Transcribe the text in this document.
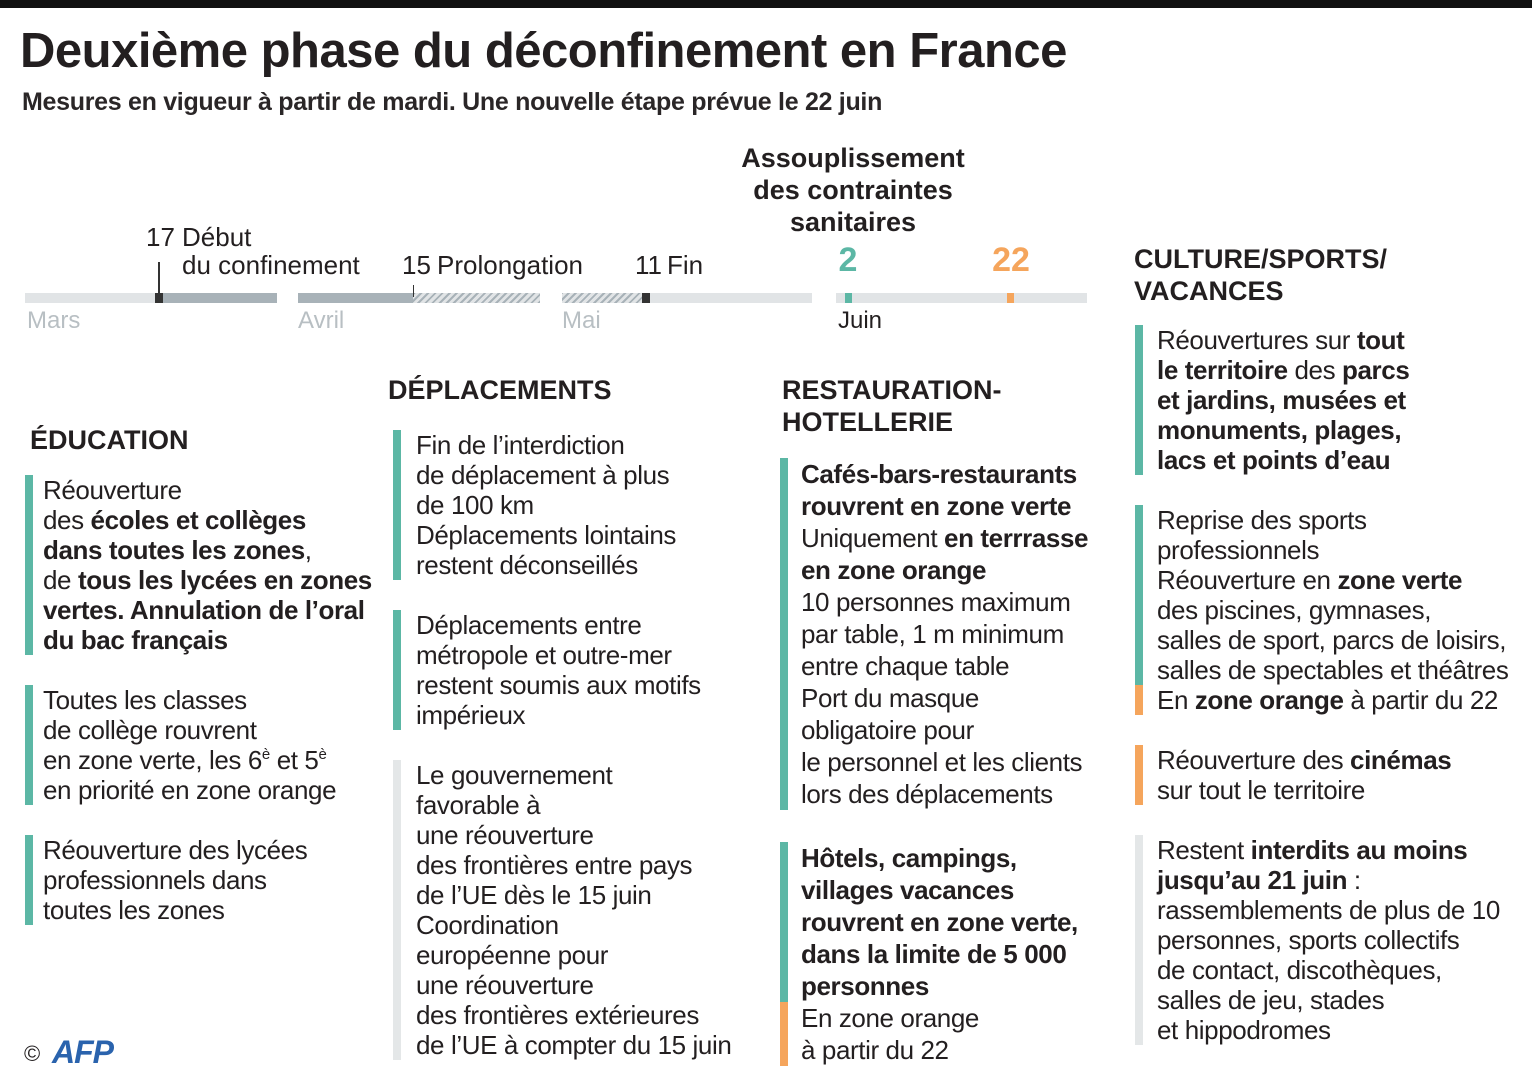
Deuxième phase du déconfinement en France
Mesures en vigueur à partir de mardi. Une nouvelle étape prévue le 22 juin
17 Début
du confinement 15 Prolongation 11 Fin
Mars	Avril	Mai	Juin
Assouplissement
des contraintes
sanitaires
2	22
ÉDUCATION
DÉPLACEMENTS	RESTAURATION-
HOTELLERIE
CULTURE/SPORTS/
VACANCES
Réouverture
des écoles et collèges
dans toutes les zones,
de tous les lycées en zones
vertes. Annulation de l’oral
du bac français
Toutes les classes
de collège rouvrent
en zone verte, les $6^è$ et $5^è$
en priorité en zone orange
Réouverture des lycées
professionnels dans
toutes les zones
Fin de l’interdiction
de déplacement à plus
de 100 km
Déplacements lointains
restent déconseillés
Déplacements entre
métropole et outre-mer
restent soumis aux motifs
impérieux
Le gouvernement
favorable à
une réouverture
des frontières entre pays
de l’UE dès le 15 juin
Coordination
européenne pour
une réouverture
des frontières extérieures
de l’UE à compter du 15 juin
Cafés-bars-restaurants
rouvrent en zone verte
Uniquement en terrrasse
en zone orange
10 personnes maximum
par table, 1 m minimum
entre chaque table
Port du masque
obligatoire pour
le personnel et les clients
lors des déplacements
Hôtels, campings,
villages vacances
rouvrent en zone verte,
dans la limite de 5 000
personnes
En zone orange
à partir du 22
Réouvertures sur tout
le territoire des parcs
et jardins, musées et
monuments, plages,
lacs et points d’eau
Reprise des sports
professionnels
Réouverture en zone verte
des piscines, gymnases,
salles de sport, parcs de loisirs,
salles de spectables et théâtres
En zone orange à partir du 22
Réouverture des cinémas
sur tout le territoire
Restent interdits au moins
jusqu’au 21 juin :
rassemblements de plus de 10
personnes, sports collectifs
de contact, discothèques,
salles de jeu, stades
et hippodromes
© AFP
